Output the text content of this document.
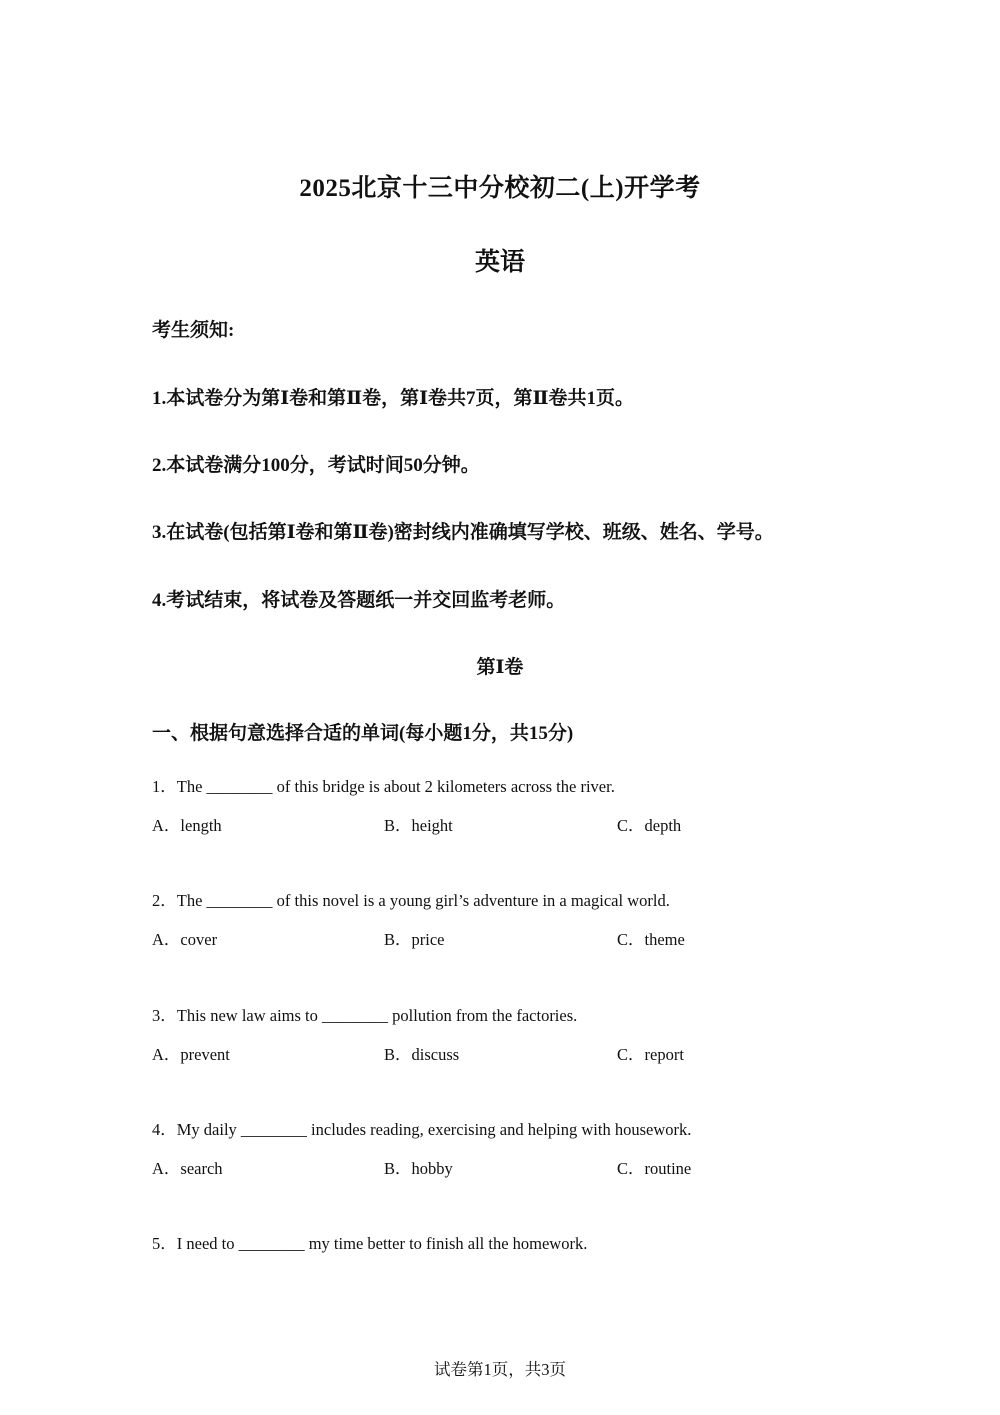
2025北京十三中分校初二(上)开学考
英语
考生须知:
1.本试卷分为第Ⅰ卷和第Ⅱ卷，第Ⅰ卷共7页，第Ⅱ卷共1页。
2.本试卷满分100分，考试时间50分钟。
3.在试卷(包括第Ⅰ卷和第Ⅱ卷)密封线内准确填写学校、班级、姓名、学号。
4.考试结束，将试卷及答题纸一并交回监考老师。
第Ⅰ卷
一、根据句意选择合适的单词(每小题1分，共15分)
1．The ________ of this bridge is about 2 kilometers across the river.
A．length	B．height	C．depth
2．The ________ of this novel is a young girl’s adventure in a magical world.
A．cover	B．price	C．theme
3．This new law aims to ________ pollution from the factories.
A．prevent	B．discuss	C．report
4．My daily ________ includes reading, exercising and helping with housework.
A．search	B．hobby	C．routine
5．I need to ________ my time better to finish all the homework.
试卷第1页，共3页
